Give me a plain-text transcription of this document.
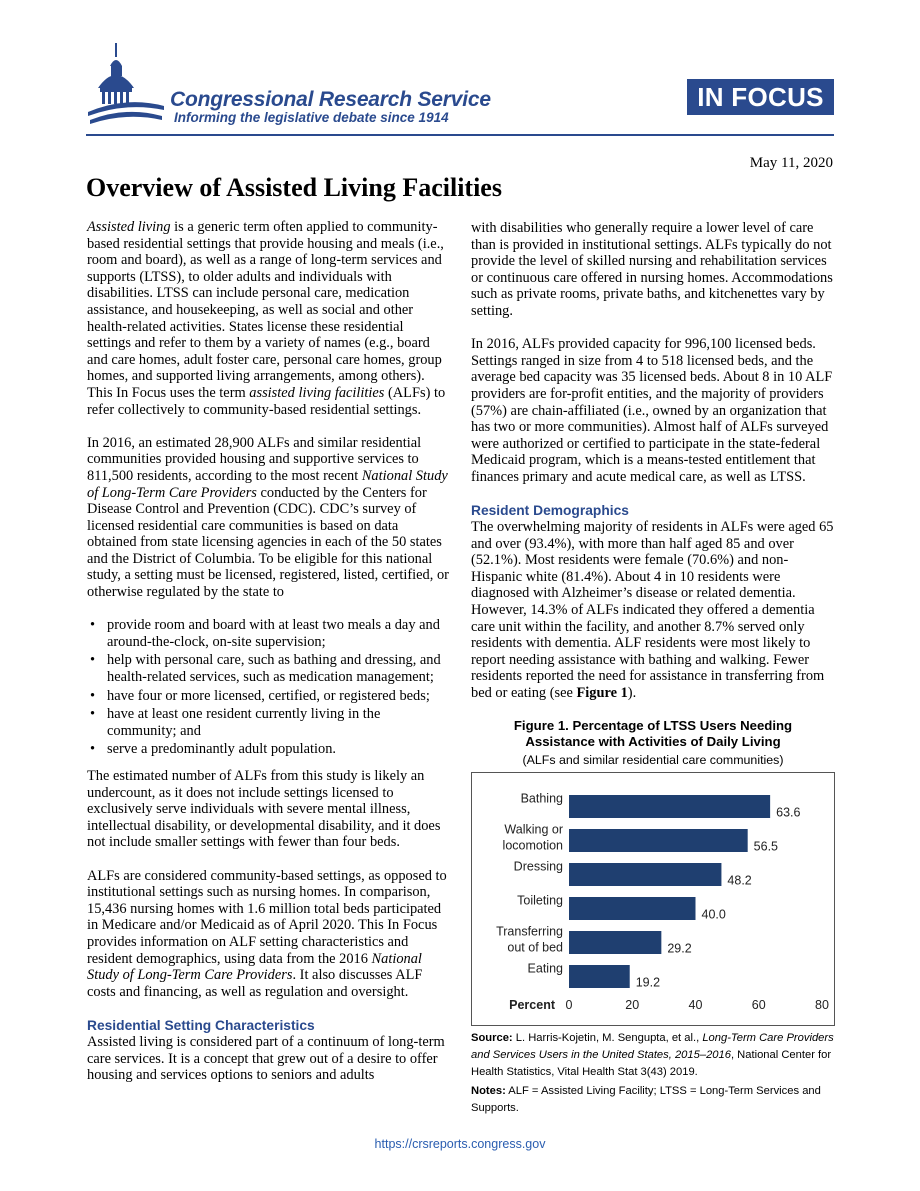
Congressional Research Service
Informing the legislative debate since 1914
IN FOCUS
May 11, 2020
Overview of Assisted Living Facilities

Assisted living is a generic term often applied to community-based residential settings that provide housing and meals (i.e., room and board), as well as a range of long-term services and supports (LTSS), to older adults and individuals with disabilities. LTSS can include personal care, medication assistance, and housekeeping, as well as social and other health-related activities. States license these residential settings and refer to them by a variety of names (e.g., board and care homes, adult foster care, personal care homes, group homes, and supported living arrangements, among others). This In Focus uses the term assisted living facilities (ALFs) to refer collectively to community-based residential settings.

In 2016, an estimated 28,900 ALFs and similar residential communities provided housing and supportive services to 811,500 residents, according to the most recent National Study of Long-Term Care Providers conducted by the Centers for Disease Control and Prevention (CDC). CDC’s survey of licensed residential care communities is based on data obtained from state licensing agencies in each of the 50 states and the District of Columbia. To be eligible for this national study, a setting must be licensed, registered, listed, certified, or otherwise regulated by the state to

• provide room and board with at least two meals a day and around-the-clock, on-site supervision;
• help with personal care, such as bathing and dressing, and health-related services, such as medication management;
• have four or more licensed, certified, or registered beds;
• have at least one resident currently living in the community; and
• serve a predominantly adult population.

The estimated number of ALFs from this study is likely an undercount, as it does not include settings licensed to exclusively serve individuals with severe mental illness, intellectual disability, or developmental disability, and it does not include smaller settings with fewer than four beds.

ALFs are considered community-based settings, as opposed to institutional settings such as nursing homes. In comparison, 15,436 nursing homes with 1.6 million total beds participated in Medicare and/or Medicaid as of April 2020. This In Focus provides information on ALF setting characteristics and resident demographics, using data from the 2016 National Study of Long-Term Care Providers. It also discusses ALF costs and financing, as well as regulation and oversight.

Residential Setting Characteristics

Assisted living is considered part of a continuum of long-term care services. It is a concept that grew out of a desire to offer housing and services options to seniors and adults

with disabilities who generally require a lower level of care than is provided in institutional settings. ALFs typically do not provide the level of skilled nursing and rehabilitation services or continuous care offered in nursing homes. Accommodations such as private rooms, private baths, and kitchenettes vary by setting.

In 2016, ALFs provided capacity for 996,100 licensed beds. Settings ranged in size from 4 to 518 licensed beds, and the average bed capacity was 35 licensed beds. About 8 in 10 ALF providers are for-profit entities, and the majority of providers (57%) are chain-affiliated (i.e., owned by an organization that has two or more communities). Almost half of ALFs surveyed were authorized or certified to participate in the state-federal Medicaid program, which is a means-tested entitlement that finances primary and acute medical care, as well as LTSS.

Resident Demographics

The overwhelming majority of residents in ALFs were aged 65 and over (93.4%), with more than half aged 85 and over (52.1%). Most residents were female (70.6%) and non-Hispanic white (81.4%). About 4 in 10 residents were diagnosed with Alzheimer’s disease or related dementia. However, 14.3% of ALFs indicated they offered a dementia care unit within the facility, and another 8.7% served only residents with dementia. ALF residents were most likely to report needing assistance with bathing and walking. Fewer residents reported the need for assistance in transferring from bed or eating (see Figure 1).

Figure 1. Percentage of LTSS Users Needing
Assistance with Activities of Daily Living
(ALFs and similar residential care communities)
63.6
Bathing
56.5
Walking or
locomotion
48.2
Dressing
40.0
Toileting
29.2
Transferring
out of bed
19.2
Eating
Percent 0	20	40	60	80

Source: L. Harris-Kojetin, M. Sengupta, et al., Long-Term Care Providers and Services Users in the United States, 2015–2016, National Center for Health Statistics, Vital Health Stat 3(43) 2019.

Notes: ALF = Assisted Living Facility; LTSS = Long-Term Services and Supports.

https://crsreports.congress.gov
